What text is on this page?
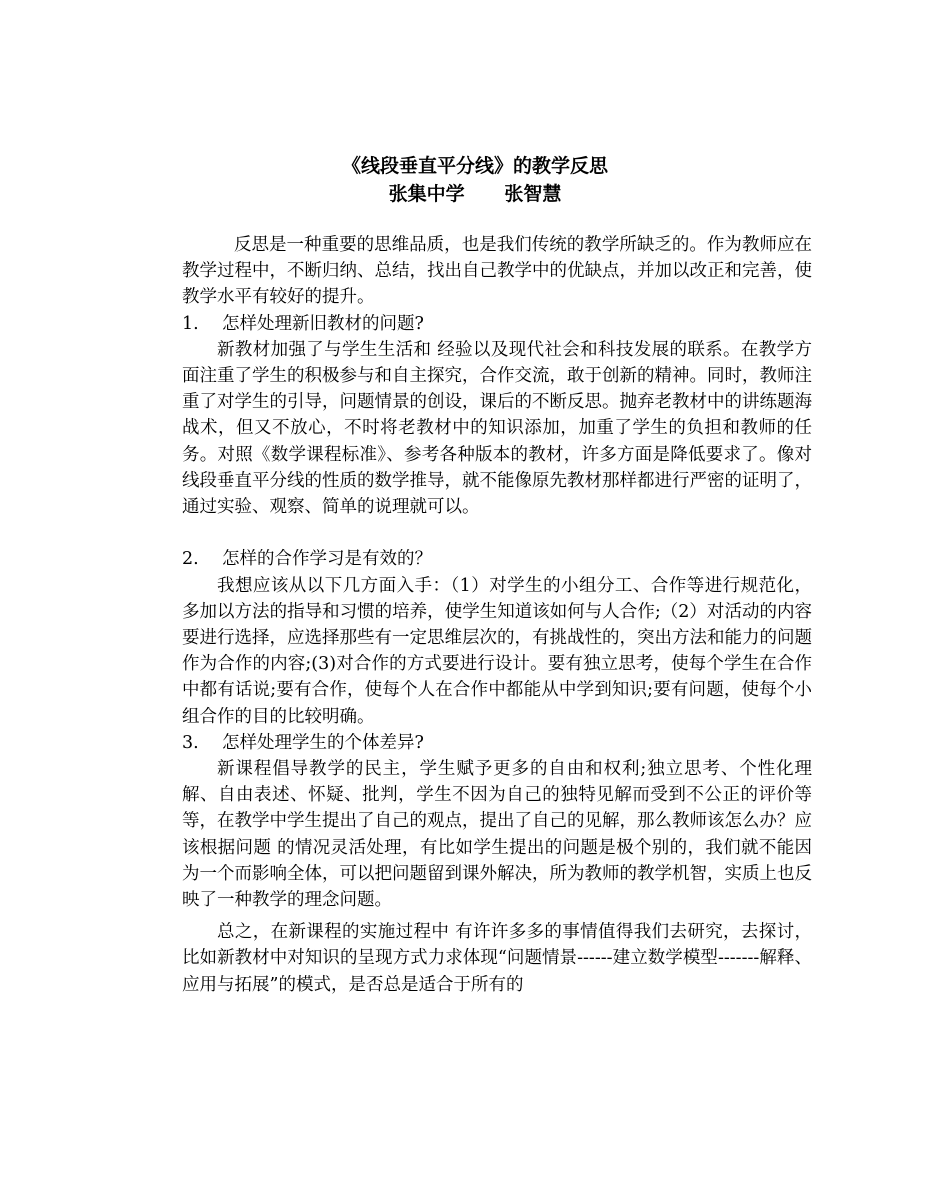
《线段垂直平分线》的教学反思
张集中学      张智慧

反思是一种重要的思维品质，也是我们传统的教学所缺乏的。作为教师应在教学过程中，不断归纳、总结，找出自己教学中的优缺点，并加以改正和完善，使教学水平有较好的提升。

1. 怎样处理新旧教材的问题?

新教材加强了与学生生活和 经验以及现代社会和科技发展的联系。在教学方面注重了学生的积极参与和自主探究，合作交流，敢于创新的精神。同时，教师注重了对学生的引导，问题情景的创设，课后的不断反思。抛弃老教材中的讲练题海战术，但又不放心，不时将老教材中的知识添加，加重了学生的负担和教师的任务。对照《数学课程标准》、参考各种版本的教材，许多方面是降低要求了。像对线段垂直平分线的性质的数学推导，就不能像原先教材那样都进行严密的证明了，通过实验、观察、简单的说理就可以。

2. 怎样的合作学习是有效的？

我想应该从以下几方面入手：（1）对学生的小组分工、合作等进行规范化，多加以方法的指导和习惯的培养，使学生知道该如何与人合作;（2）对活动的内容要进行选择，应选择那些有一定思维层次的，有挑战性的，突出方法和能力的问题作为合作的内容;(3)对合作的方式要进行设计。要有独立思考，使每个学生在合作中都有话说;要有合作，使每个人在合作中都能从中学到知识;要有问题，使每个小组合作的目的比较明确。

3. 怎样处理学生的个体差异?

新课程倡导教学的民主，学生赋予更多的自由和权利;独立思考、个性化理解、自由表述、怀疑、批判，学生不因为自己的独特见解而受到不公正的评价等等，在教学中学生提出了自己的观点，提出了自己的见解，那么教师该怎么办？应该根据问题 的情况灵活处理，有比如学生提出的问题是极个别的，我们就不能因为一个而影响全体，可以把问题留到课外解决，所为教师的教学机智，实质上也反映了一种教学的理念问题。

总之，在新课程的实施过程中 有许许多多的事情值得我们去研究，去探讨，比如新教材中对知识的呈现方式力求体现“问题情景------建立数学模型-------解释、应用与拓展”的模式，是否总是适合于所有的
